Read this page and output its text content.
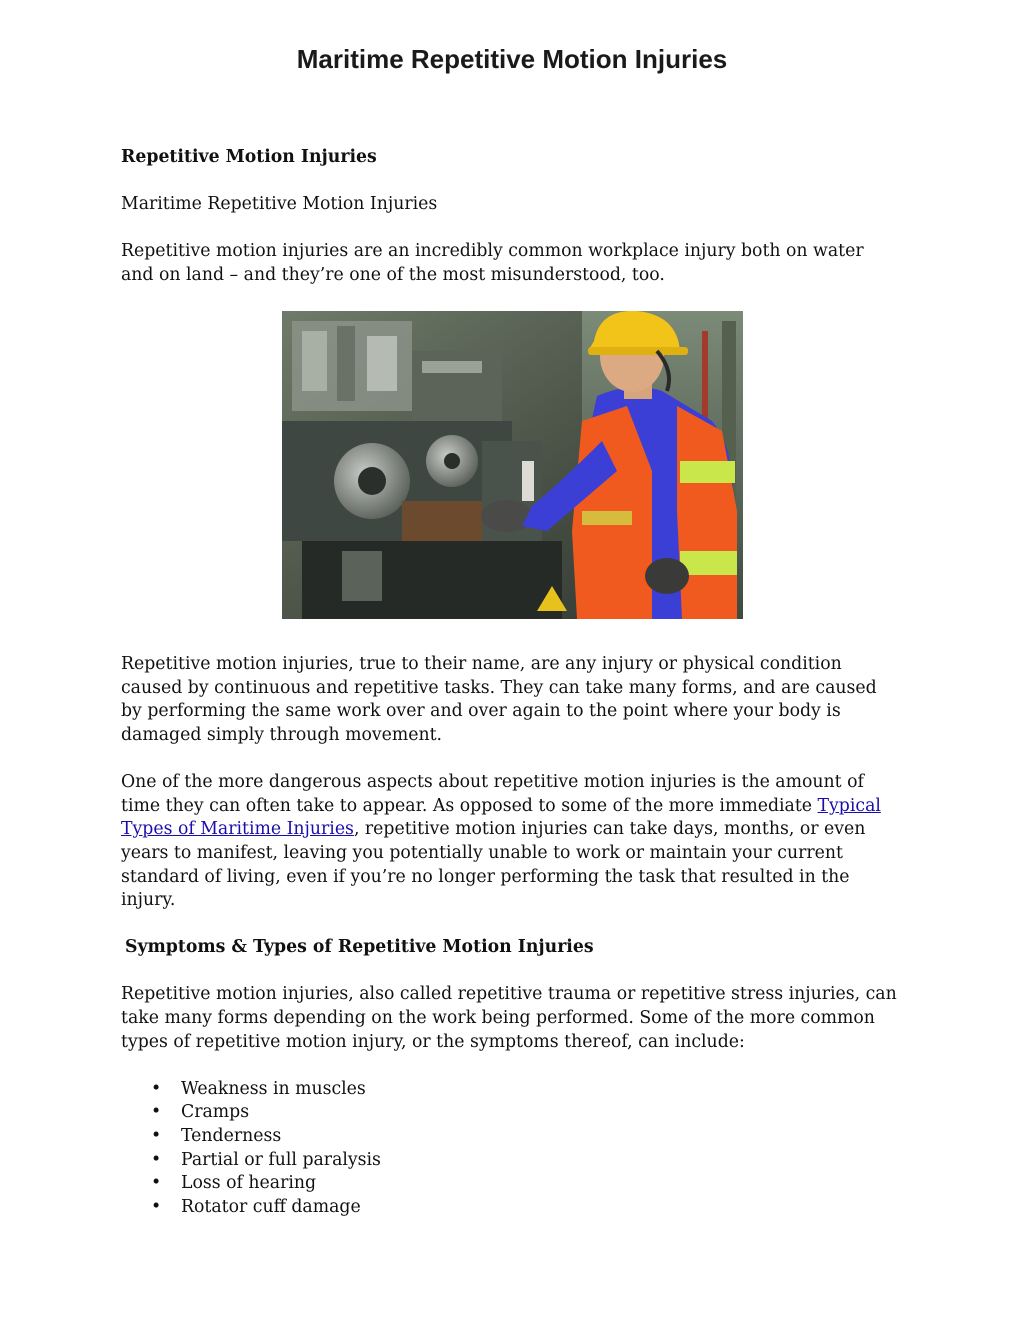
Maritime Repetitive Motion Injuries

Repetitive Motion Injuries

Maritime Repetitive Motion Injuries

Repetitive motion injuries are an incredibly common workplace injury both on water and on land – and they’re one of the most misunderstood, too.

Repetitive motion injuries, true to their name, are any injury or physical condition caused by continuous and repetitive tasks. They can take many forms, and are caused by performing the same work over and over again to the point where your body is damaged simply through movement.

One of the more dangerous aspects about repetitive motion injuries is the amount of time they can often take to appear. As opposed to some of the more immediate Typical Types of Maritime Injuries, repetitive motion injuries can take days, months, or even years to manifest, leaving you potentially unable to work or maintain your current standard of living, even if you’re no longer performing the task that resulted in the injury.

Symptoms & Types of Repetitive Motion Injuries

Repetitive motion injuries, also called repetitive trauma or repetitive stress injuries, can take many forms depending on the work being performed. Some of the more common types of repetitive motion injury, or the symptoms thereof, can include:

• Weakness in muscles
• Cramps
• Tenderness
• Partial or full paralysis
• Loss of hearing
• Rotator cuff damage
